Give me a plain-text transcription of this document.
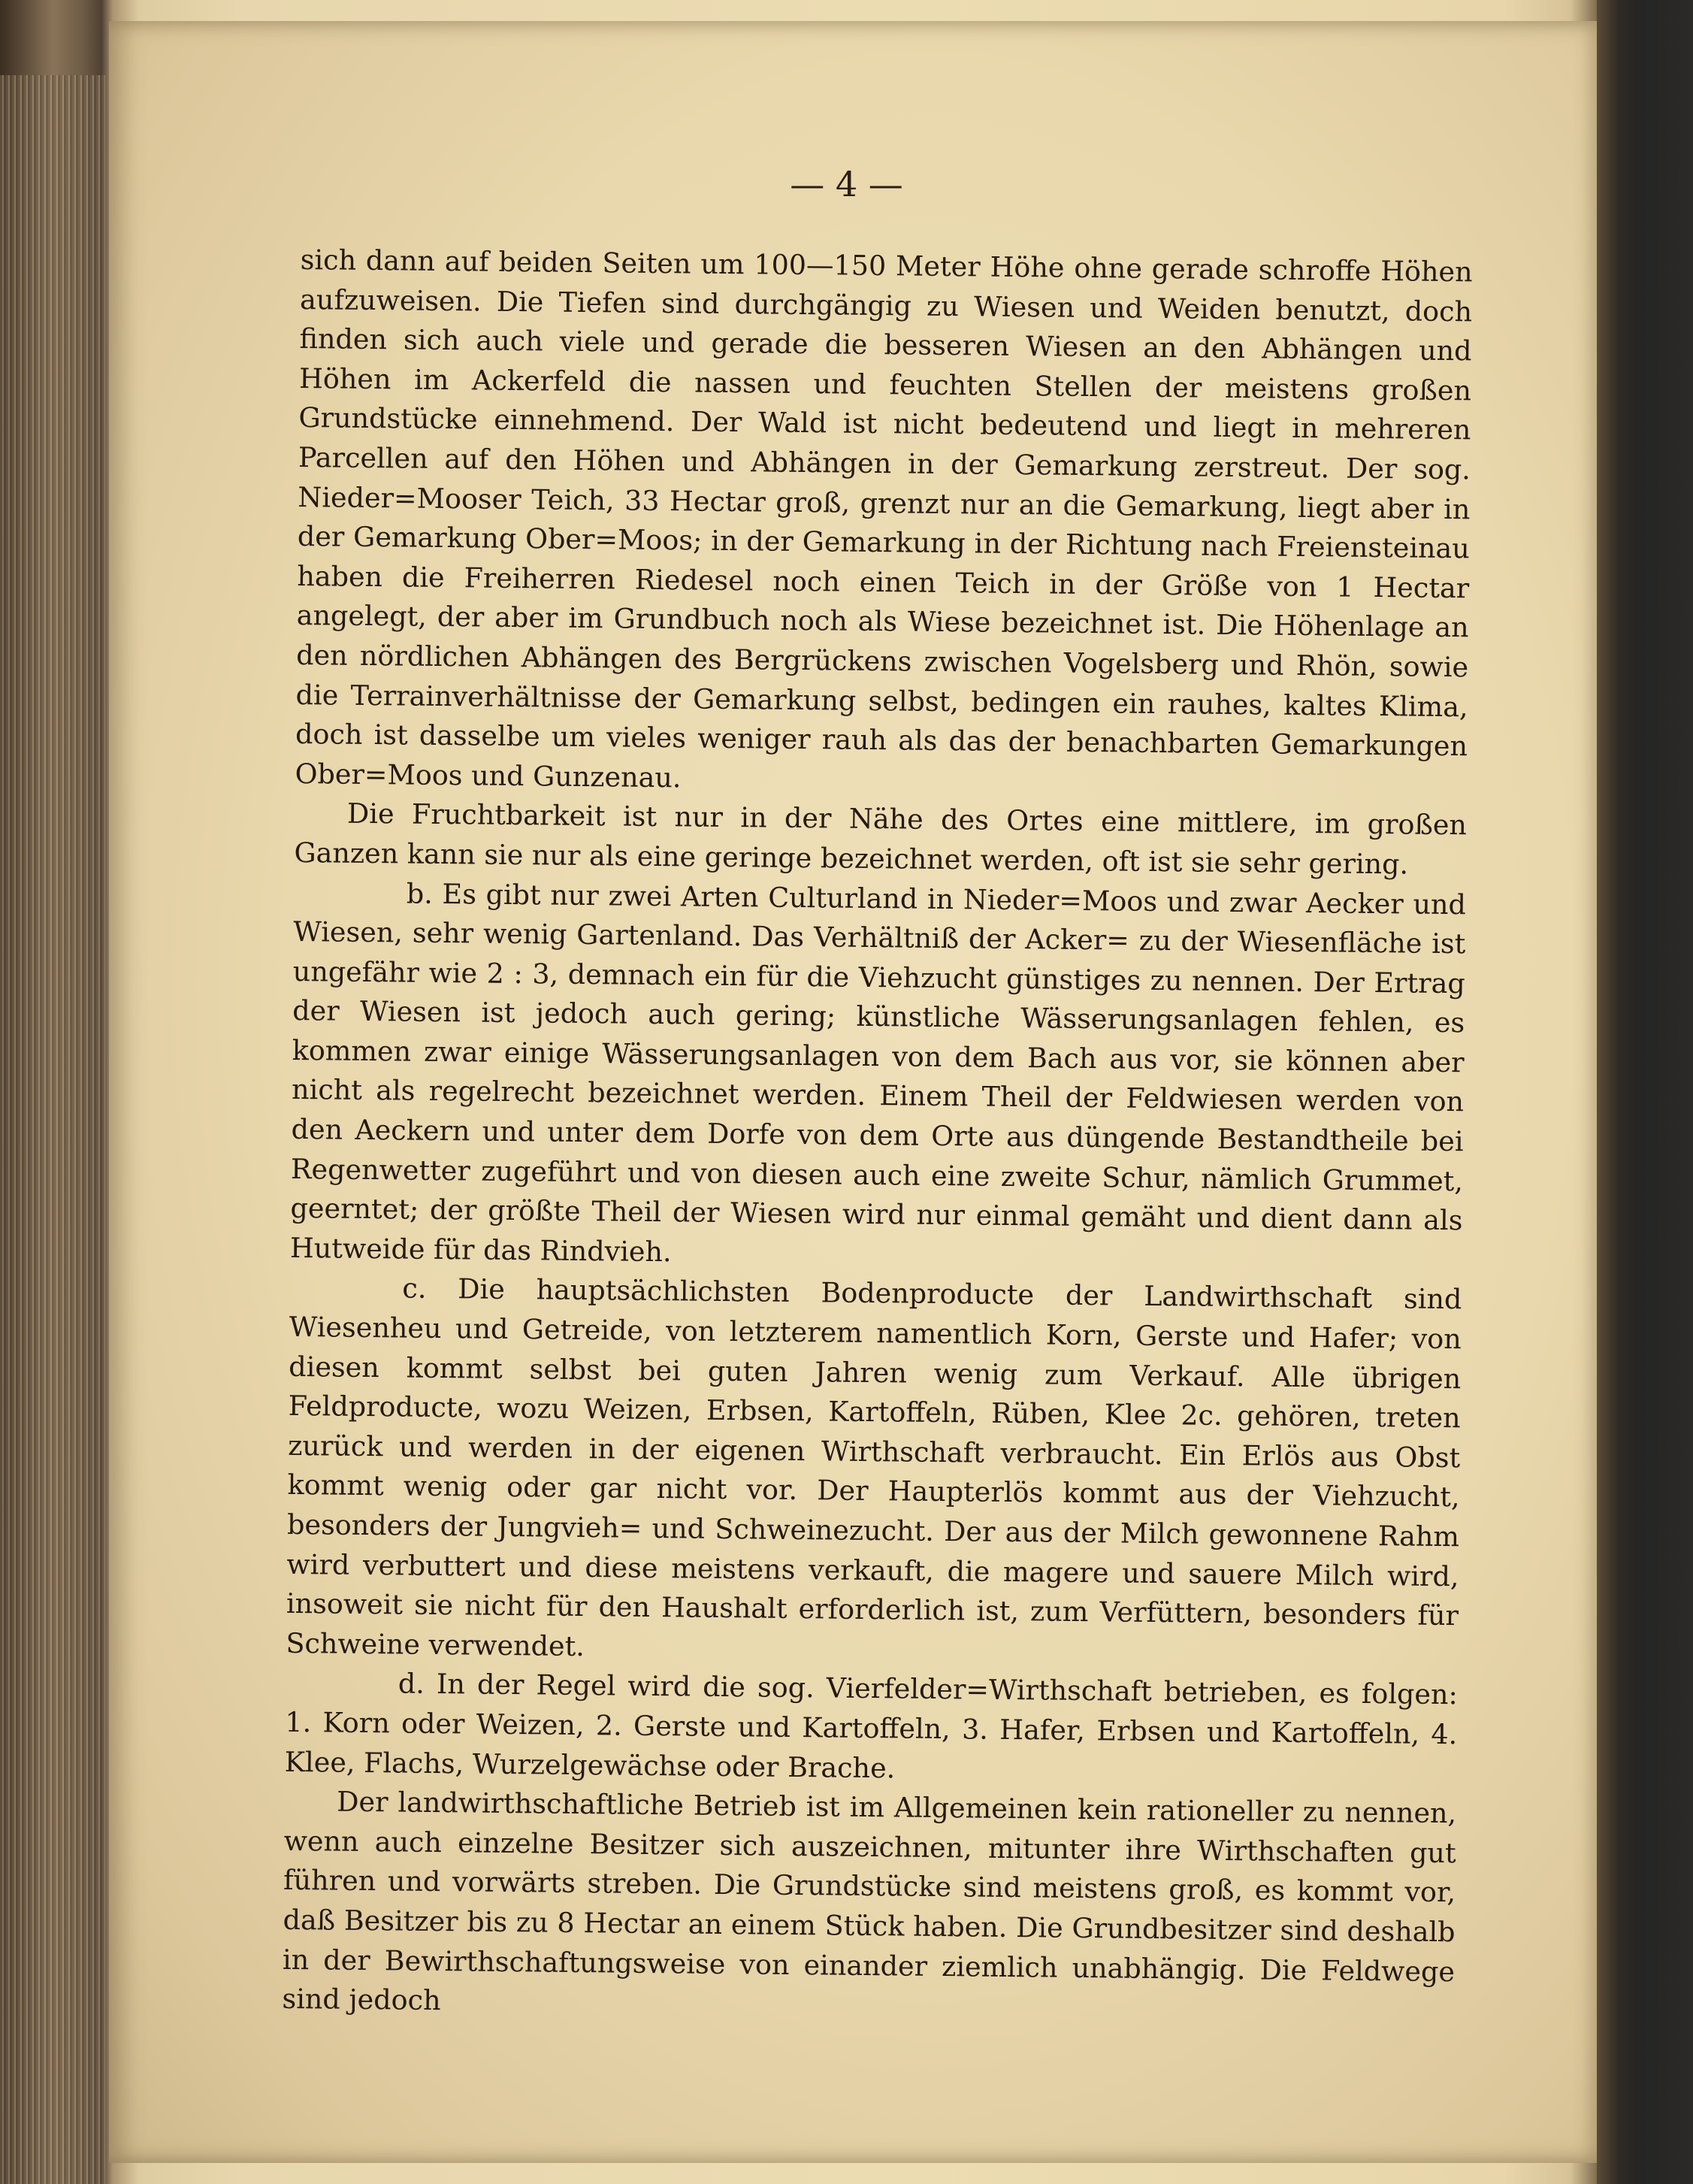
— 4 —

sich dann auf beiden Seiten um 100—150 Meter Höhe ohne gerade schroffe Höhen aufzuweisen. Die Tiefen sind durchgängig zu Wiesen und Weiden benutzt, doch finden sich auch viele und gerade die besseren Wiesen an den Abhängen und Höhen im Ackerfeld die nassen und feuchten Stellen der meistens großen Grundstücke einnehmend. Der Wald ist nicht bedeutend und liegt in mehreren Parcellen auf den Höhen und Abhängen in der Gemarkung zerstreut. Der sog. Nieder=Mooser Teich, 33 Hectar groß, grenzt nur an die Gemarkung, liegt aber in der Gemarkung Ober=Moos; in der Gemarkung in der Richtung nach Freiensteinau haben die Freiherren Riedesel noch einen Teich in der Größe von 1 Hectar angelegt, der aber im Grundbuch noch als Wiese bezeichnet ist. Die Höhenlage an den nördlichen Abhängen des Bergrückens zwischen Vogelsberg und Rhön, sowie die Terrainverhältnisse der Gemarkung selbst, bedingen ein rauhes, kaltes Klima, doch ist dasselbe um vieles weniger rauh als das der benachbarten Gemarkungen Ober=Moos und Gunzenau.

Die Fruchtbarkeit ist nur in der Nähe des Ortes eine mittlere, im großen Ganzen kann sie nur als eine geringe bezeichnet werden, oft ist sie sehr gering.

b. Es gibt nur zwei Arten Culturland in Nieder=Moos und zwar Aecker und Wiesen, sehr wenig Gartenland. Das Verhältniß der Acker= zu der Wiesenfläche ist ungefähr wie 2 : 3, demnach ein für die Viehzucht günstiges zu nennen. Der Ertrag der Wiesen ist jedoch auch gering; künstliche Wässerungsanlagen fehlen, es kommen zwar einige Wässerungsanlagen von dem Bach aus vor, sie können aber nicht als regelrecht bezeichnet werden. Einem Theil der Feldwiesen werden von den Aeckern und unter dem Dorfe von dem Orte aus düngende Bestandtheile bei Regenwetter zugeführt und von diesen auch eine zweite Schur, nämlich Grummet, geerntet; der größte Theil der Wiesen wird nur einmal gemäht und dient dann als Hutweide für das Rindvieh.

c. Die hauptsächlichsten Bodenproducte der Landwirthschaft sind Wiesenheu und Getreide, von letzterem namentlich Korn, Gerste und Hafer; von diesen kommt selbst bei guten Jahren wenig zum Verkauf. Alle übrigen Feldproducte, wozu Weizen, Erbsen, Kartoffeln, Rüben, Klee 2c. gehören, treten zurück und werden in der eigenen Wirthschaft verbraucht. Ein Erlös aus Obst kommt wenig oder gar nicht vor. Der Haupterlös kommt aus der Viehzucht, besonders der Jungvieh= und Schweinezucht. Der aus der Milch gewonnene Rahm wird verbuttert und diese meistens verkauft, die magere und sauere Milch wird, insoweit sie nicht für den Haushalt erforderlich ist, zum Verfüttern, besonders für Schweine verwendet.

d. In der Regel wird die sog. Vierfelder=Wirthschaft betrieben, es folgen: 1. Korn oder Weizen, 2. Gerste und Kartoffeln, 3. Hafer, Erbsen und Kartoffeln, 4. Klee, Flachs, Wurzelgewächse oder Brache.

Der landwirthschaftliche Betrieb ist im Allgemeinen kein rationeller zu nennen, wenn auch einzelne Besitzer sich auszeichnen, mitunter ihre Wirthschaften gut führen und vorwärts streben. Die Grundstücke sind meistens groß, es kommt vor, daß Besitzer bis zu 8 Hectar an einem Stück haben. Die Grundbesitzer sind deshalb in der Bewirthschaftungsweise von einander ziemlich unabhängig. Die Feldwege sind jedoch
